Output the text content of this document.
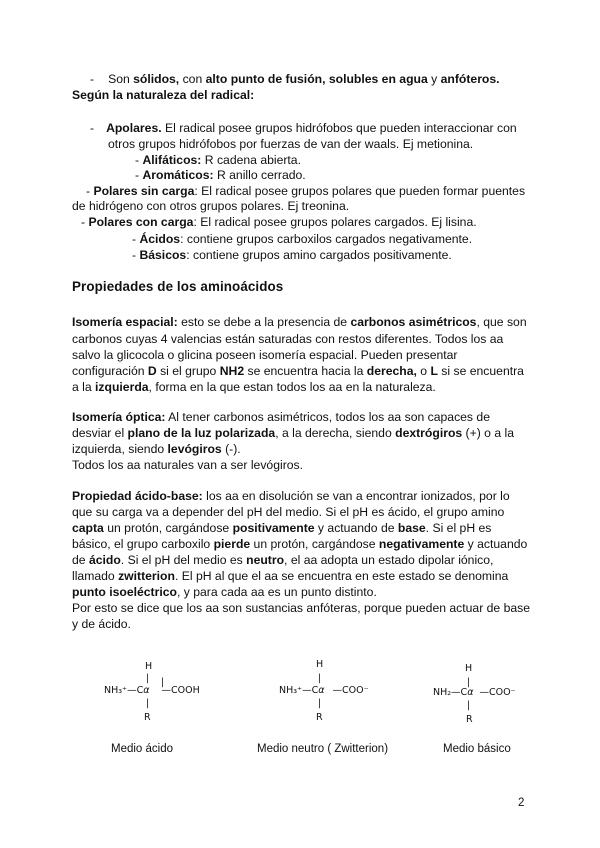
- Son sólidos, con alto punto de fusión, solubles en agua y anfóteros.
Según la naturaleza del radical:
- Apolares. El radical posee grupos hidrófobos que pueden interaccionar con
otros grupos hidrófobos por fuerzas de van der waals. Ej metionina.
- Alifáticos: R cadena abierta.
- Aromáticos: R anillo cerrado.
- Polares sin carga: El radical posee grupos polares que pueden formar puentes
de hidrógeno con otros grupos polares. Ej treonina.
- Polares con carga: El radical posee grupos polares cargados. Ej lisina.
- Ácidos: contiene grupos carboxilos cargados negativamente.
- Básicos: contiene grupos amino cargados positivamente.
Propiedades de los aminoácidos
Isomería espacial: esto se debe a la presencia de carbonos asimétricos, que son
carbonos cuyas 4 valencias están saturadas con restos diferentes. Todos los aa
salvo la glicocola o glicina poseen isomería espacial. Pueden presentar
configuración D si el grupo NH2 se encuentra hacia la derecha, o L si se encuentra
a la izquierda, forma en la que estan todos los aa en la naturaleza.
Isomería óptica: Al tener carbonos asimétricos, todos los aa son capaces de
desviar el plano de la luz polarizada, a la derecha, siendo dextrógiros (+) o a la
izquierda, siendo levógiros (-).
Todos los aa naturales van a ser levógiros.
Propiedad ácido-base: los aa en disolución se van a encontrar ionizados, por lo
que su carga va a depender del pH del medio. Si el pH es ácido, el grupo amino
capta un protón, cargándose positivamente y actuando de base. Si el pH es
básico, el grupo carboxilo pierde un protón, cargándose negativamente y actuando
de ácido. Si el pH del medio es neutro, el aa adopta un estado dipolar iónico,
llamado zwitterion. El pH al que el aa se encuentra en este estado se denomina
punto isoeléctrico, y para cada aa es un punto distinto.
Por esto se dice que los aa son sustancias anfóteras, porque pueden actuar de base
y de ácido.
H
| |
NH₃⁺—Cα —COOH
|
R
Medio ácido
H
|
NH₃⁺—Cα —COO⁻
|
R
Medio neutro ( Zwitterion)
H
|
NH₂—Cα —COO⁻
|
R
Medio básico
2
